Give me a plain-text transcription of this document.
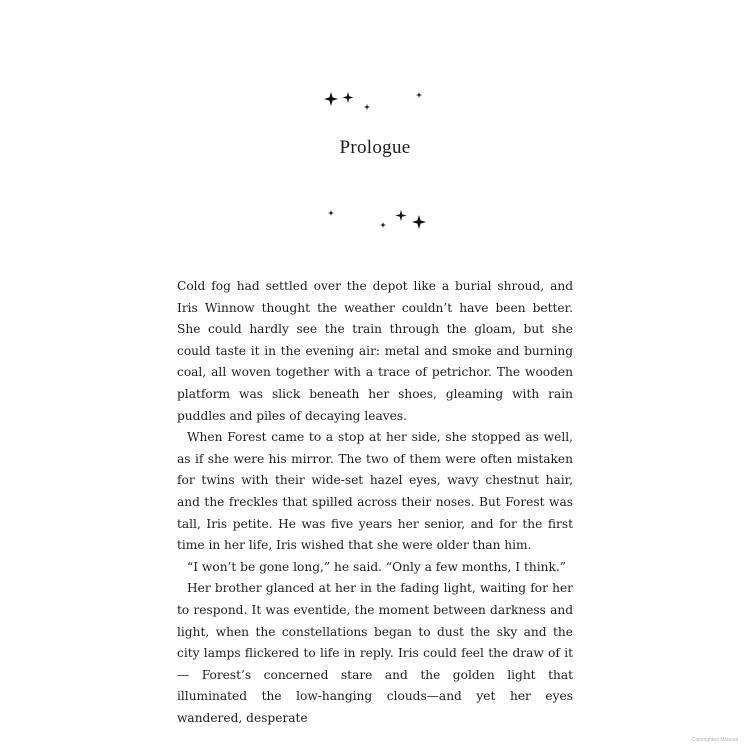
Prologue

Cold fog had settled over the depot like a burial shroud, and Iris Winnow thought the weather couldn’t have been better. She could hardly see the train through the gloam, but she could taste it in the evening air: metal and smoke and burning coal, all woven together with a trace of petrichor. The wooden platform was slick beneath her shoes, gleaming with rain puddles and piles of decaying leaves.

When Forest came to a stop at her side, she stopped as well, as if she were his mirror. The two of them were often mistaken for twins with their wide-set hazel eyes, wavy chestnut hair, and the freckles that spilled across their noses. But Forest was tall, Iris petite. He was five years her senior, and for the first time in her life, Iris wished that she were older than him.

“I won’t be gone long,” he said. “Only a few months, I think.”

Her brother glanced at her in the fading light, waiting for her to respond. It was eventide, the moment between darkness and light, when the constellations began to dust the sky and the city lamps flickered to life in reply. Iris could feel the draw of it— Forest’s concerned stare and the golden light that illuminated the low-hanging clouds—and yet her eyes wandered, desperate

Copyrighted Material
